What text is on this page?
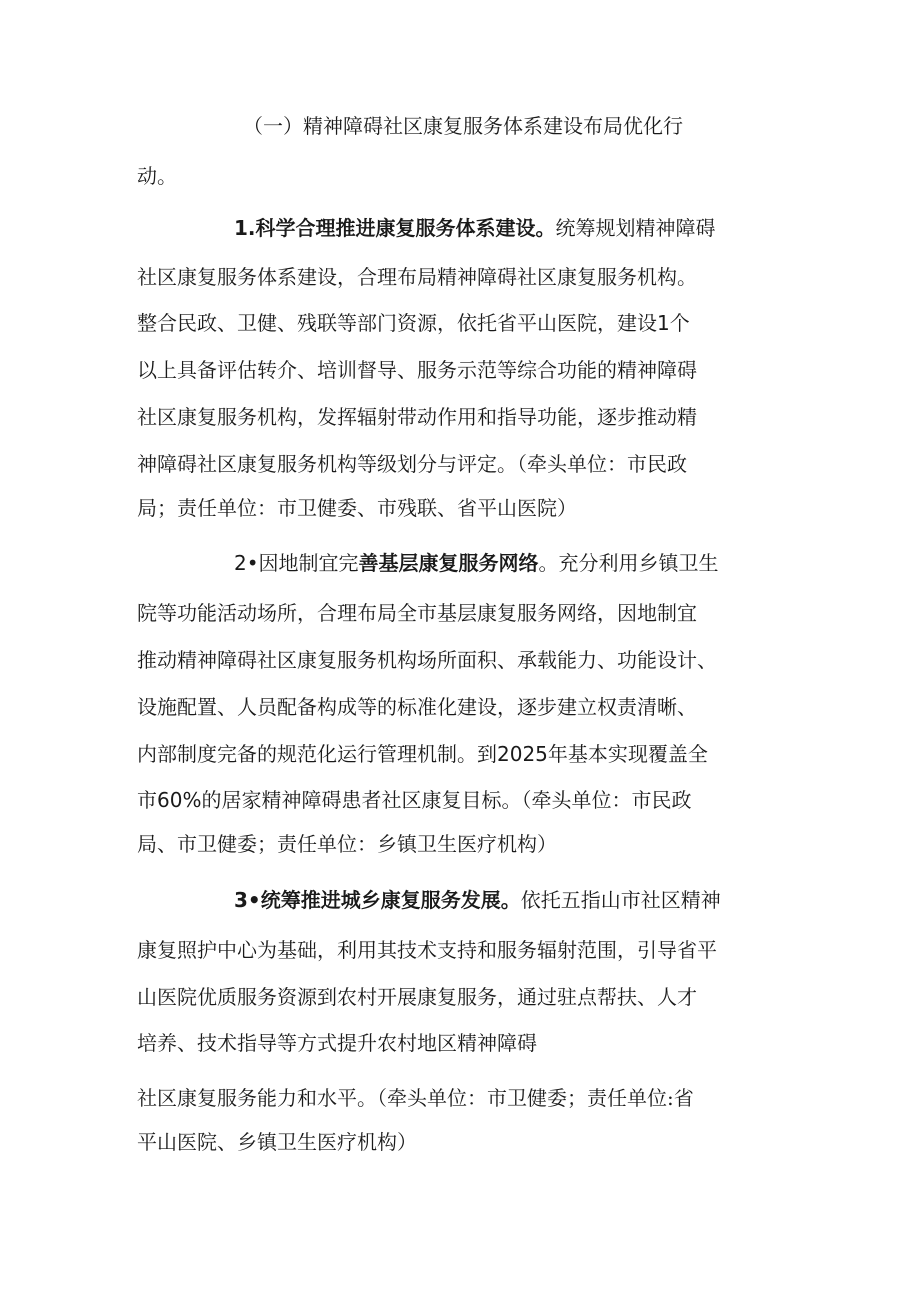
（一）精神障碍社区康复服务体系建设布局优化行
动。
1.科学合理推进康复服务体系建设。统筹规划精神障碍
社区康复服务体系建设，合理布局精神障碍社区康复服务机构。
整合民政、卫健、残联等部门资源，依托省平山医院，建设1个
以上具备评估转介、培训督导、服务示范等综合功能的精神障碍
社区康复服务机构，发挥辐射带动作用和指导功能，逐步推动精
神障碍社区康复服务机构等级划分与评定。（牵头单位：市民政
局；责任单位：市卫健委、市残联、省平山医院）
2•因地制宜完善基层康复服务网络。充分利用乡镇卫生
院等功能活动场所，合理布局全市基层康复服务网络，因地制宜
推动精神障碍社区康复服务机构场所面积、承载能力、功能设计、
设施配置、人员配备构成等的标准化建设，逐步建立权责清晰、
内部制度完备的规范化运行管理机制。到2025年基本实现覆盖全
市60%的居家精神障碍患者社区康复目标。（牵头单位：市民政
局、市卫健委；责任单位：乡镇卫生医疗机构）
3•统筹推进城乡康复服务发展。依托五指山市社区精神
康复照护中心为基础，利用其技术支持和服务辐射范围，引导省平
山医院优质服务资源到农村开展康复服务，通过驻点帮扶、人才
培养、技术指导等方式提升农村地区精神障碍
社区康复服务能力和水平。（牵头单位：市卫健委；责任单位:省
平山医院、乡镇卫生医疗机构）
